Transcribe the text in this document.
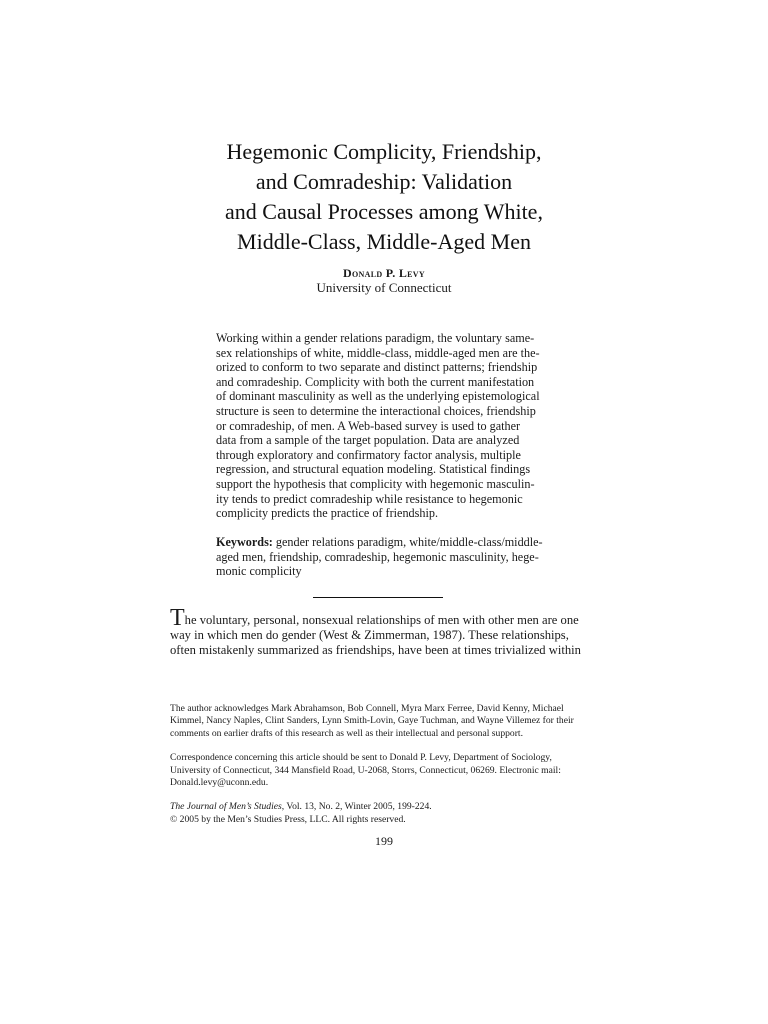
Hegemonic Complicity, Friendship,
and Comradeship: Validation
and Causal Processes among White,
Middle-Class, Middle-Aged Men
Donald P. Levy
University of Connecticut
Working within a gender relations paradigm, the voluntary same-
sex relationships of white, middle-class, middle-aged men are the-
orized to conform to two separate and distinct patterns; friendship
and comradeship. Complicity with both the current manifestation
of dominant masculinity as well as the underlying epistemological
structure is seen to determine the interactional choices, friendship
or comradeship, of men. A Web-based survey is used to gather
data from a sample of the target population. Data are analyzed
through exploratory and confirmatory factor analysis, multiple
regression, and structural equation modeling. Statistical findings
support the hypothesis that complicity with hegemonic masculin-
ity tends to predict comradeship while resistance to hegemonic
complicity predicts the practice of friendship.
Keywords: gender relations paradigm, white/middle-class/middle-
aged men, friendship, comradeship, hegemonic masculinity, hege-
monic complicity
The voluntary, personal, nonsexual relationships of men with other men are one
way in which men do gender (West & Zimmerman, 1987). These relationships,
often mistakenly summarized as friendships, have been at times trivialized within
The author acknowledges Mark Abrahamson, Bob Connell, Myra Marx Ferree, David Kenny, Michael
Kimmel, Nancy Naples, Clint Sanders, Lynn Smith-Lovin, Gaye Tuchman, and Wayne Villemez for their
comments on earlier drafts of this research as well as their intellectual and personal support.
Correspondence concerning this article should be sent to Donald P. Levy, Department of Sociology,
University of Connecticut, 344 Mansfield Road, U-2068, Storrs, Connecticut, 06269. Electronic mail:
Donald.levy@uconn.edu.
The Journal of Men’s Studies, Vol. 13, No. 2, Winter 2005, 199-224.
© 2005 by the Men’s Studies Press, LLC. All rights reserved.
199
